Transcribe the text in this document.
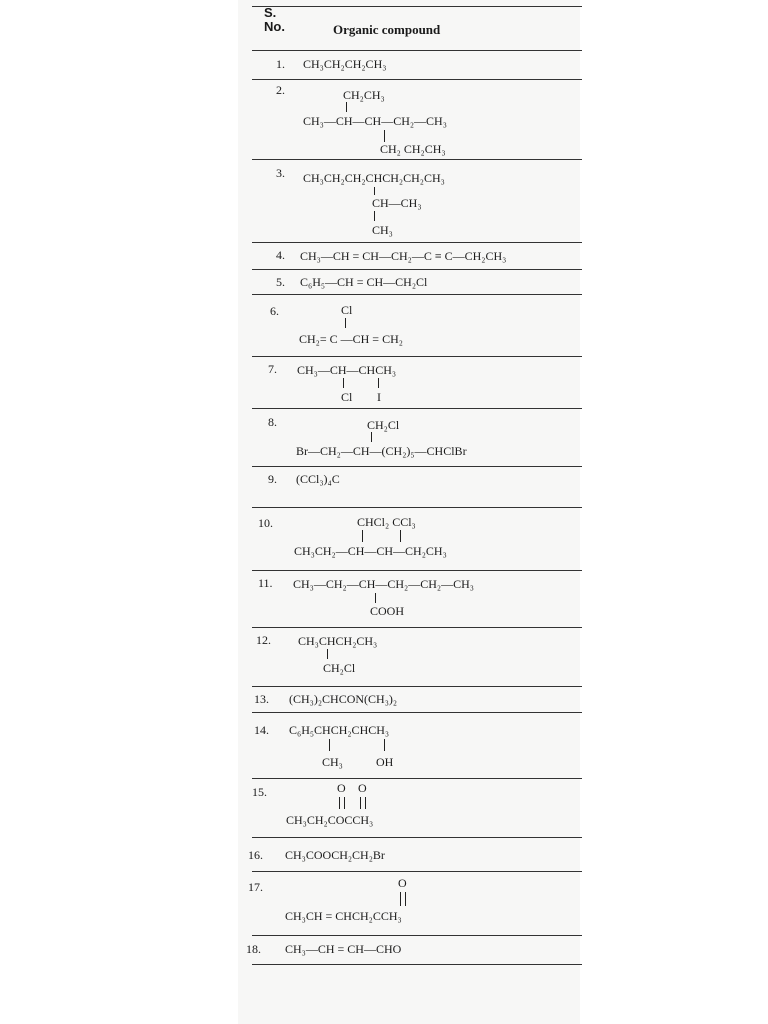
S.
No.	Organic compound
1. CH₃CH₂CH₂CH₃
2.	CH₂CH₃
CH₃—CH—CH—CH₂—CH₃
CH₂ CH₂CH₃
3. CH₃CH₂CH₂CHCH₂CH₂CH₃
CH—CH₃
CH₃
4. CH₃—CH = CH—CH₂—C ≡ C—CH₂CH₃
5. C₆H₅—CH = CH—CH₂Cl
6.	Cl
CH₂= C —CH = CH₂
7. CH₃—CH—CHCH₃
Cl I
8.	CH₂Cl
Br—CH₂—CH—(CH₂)₅—CHClBr
9. (CCl₃)₄C
10.	CHCl₂ CCl₃
CH₃CH₂—CH—CH—CH₂CH₃
11. CH₃—CH₂—CH—CH₂—CH₂—CH₃
COOH
12. CH₃CHCH₂CH₃
CH₂Cl
13. (CH₃)₂CHCON(CH₃)₂
14. C₆H₅CHCH₂CHCH₃
CH₃	OH
15.	O O
CH₃CH₂COCCH₃
16. CH₃COOCH₂CH₂Br
17.	O
CH₃CH = CHCH₂CCH₃
18. CH₃—CH = CH—CHO
